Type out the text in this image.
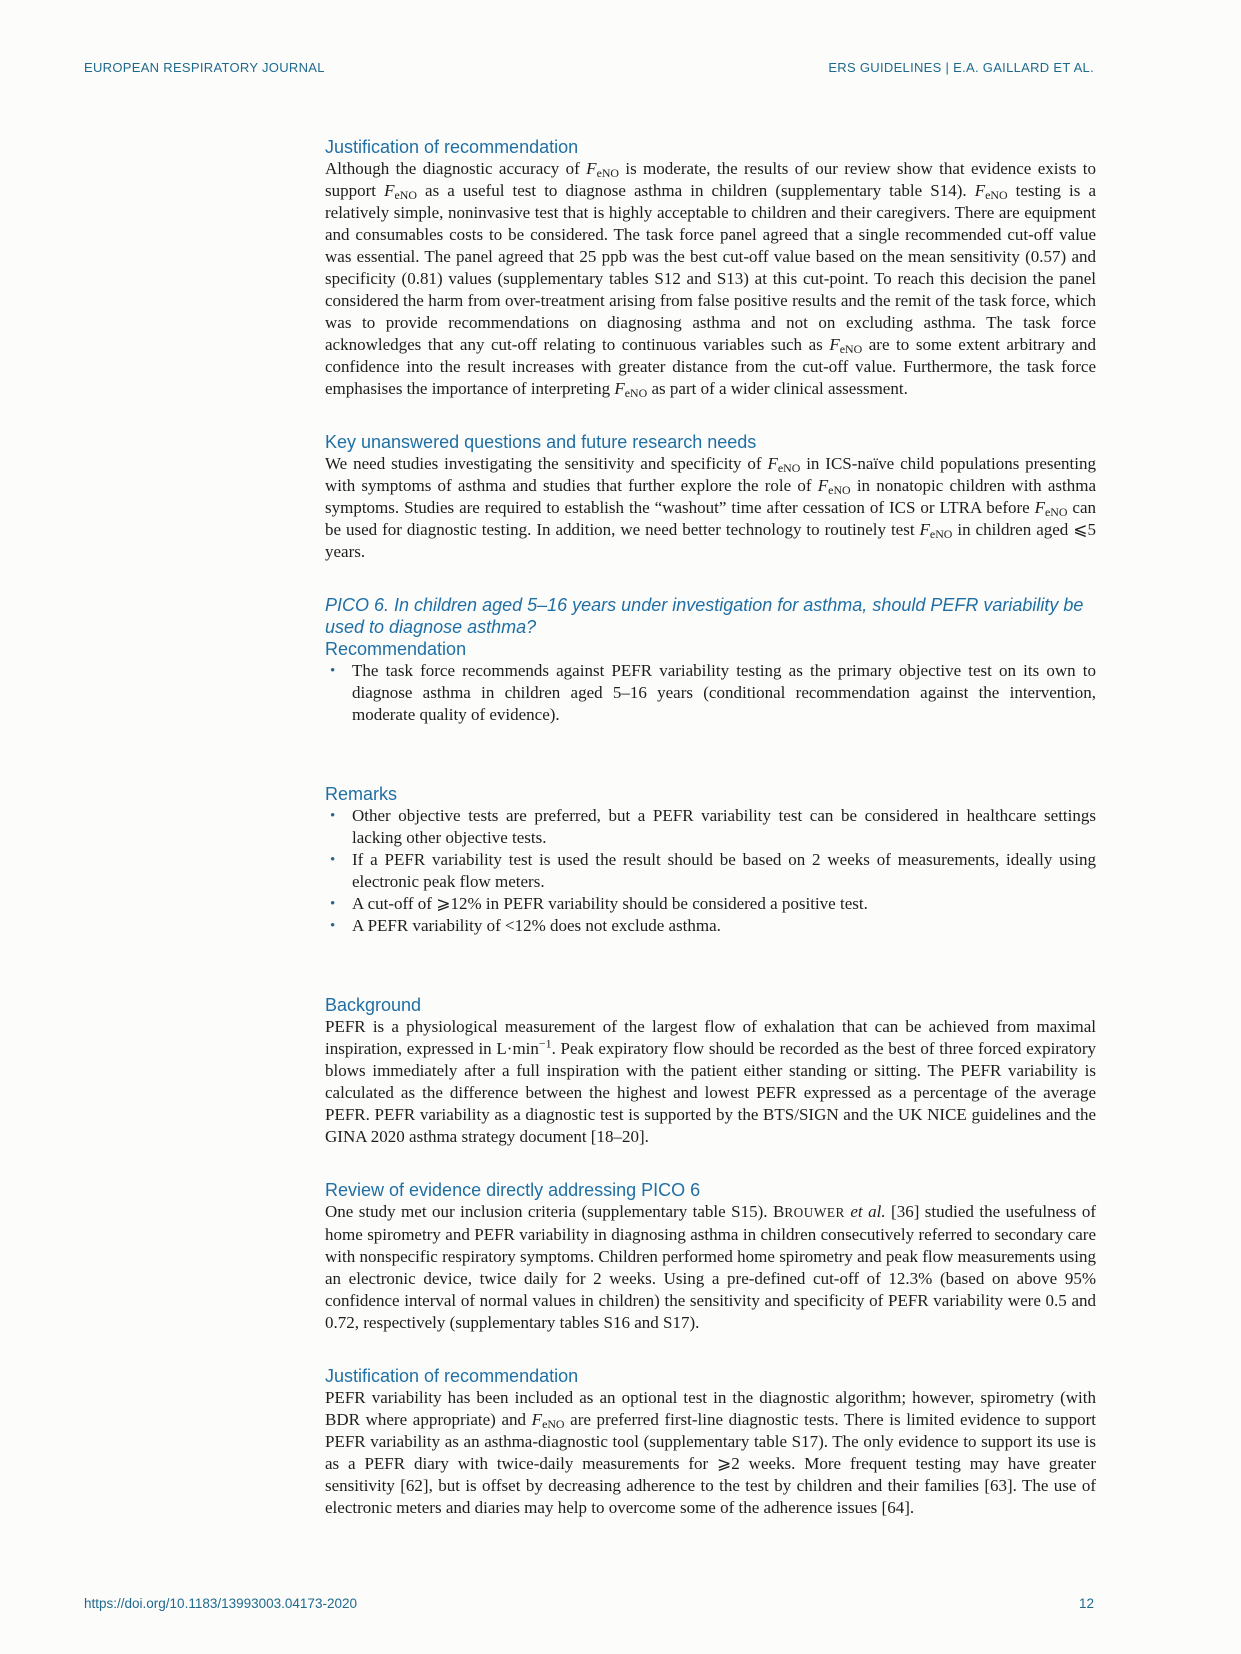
EUROPEAN RESPIRATORY JOURNAL	ERS GUIDELINES | E.A. GAILLARD ET AL.
Justification of recommendation

Although the diagnostic accuracy of $F_{eNO}$ is moderate, the results of our review show that evidence exists to support $F_{eNO}$ as a useful test to diagnose asthma in children (supplementary table S14). $F_{eNO}$ testing is a relatively simple, noninvasive test that is highly acceptable to children and their caregivers. There are equipment and consumables costs to be considered. The task force panel agreed that a single recommended cut-off value was essential. The panel agreed that 25 ppb was the best cut-off value based on the mean sensitivity (0.57) and specificity (0.81) values (supplementary tables S12 and S13) at this cut-point. To reach this decision the panel considered the harm from over-treatment arising from false positive results and the remit of the task force, which was to provide recommendations on diagnosing asthma and not on excluding asthma. The task force acknowledges that any cut-off relating to continuous variables such as $F_{eNO}$ are to some extent arbitrary and confidence into the result increases with greater distance from the cut-off value. Furthermore, the task force emphasises the importance of interpreting $F_{eNO}$ as part of a wider clinical assessment.

Key unanswered questions and future research needs

We need studies investigating the sensitivity and specificity of $F_{eNO}$ in ICS-naïve child populations presenting with symptoms of asthma and studies that further explore the role of $F_{eNO}$ in nonatopic children with asthma symptoms. Studies are required to establish the “washout” time after cessation of ICS or LTRA before $F_{eNO}$ can be used for diagnostic testing. In addition, we need better technology to routinely test $F_{eNO}$ in children aged ⩽5 years.

PICO 6. In children aged 5–16 years under investigation for asthma, should PEFR variability be used to diagnose asthma?
Recommendation
• The task force recommends against PEFR variability testing as the primary objective test on its own to diagnose asthma in children aged 5–16 years (conditional recommendation against the intervention, moderate quality of evidence).
Remarks
• Other objective tests are preferred, but a PEFR variability test can be considered in healthcare settings lacking other objective tests.
• If a PEFR variability test is used the result should be based on 2 weeks of measurements, ideally using electronic peak flow meters.
• A cut-off of ⩾12% in PEFR variability should be considered a positive test.
• A PEFR variability of <12% does not exclude asthma.
Background

PEFR is a physiological measurement of the largest flow of exhalation that can be achieved from maximal inspiration, expressed in $L\cdot\min^{-1}$. Peak expiratory flow should be recorded as the best of three forced expiratory blows immediately after a full inspiration with the patient either standing or sitting. The PEFR variability is calculated as the difference between the highest and lowest PEFR expressed as a percentage of the average PEFR. PEFR variability as a diagnostic test is supported by the BTS/SIGN and the UK NICE guidelines and the GINA 2020 asthma strategy document [18–20].

Review of evidence directly addressing PICO 6

One study met our inclusion criteria (supplementary table S15). BROUWER et al. [36] studied the usefulness of home spirometry and PEFR variability in diagnosing asthma in children consecutively referred to secondary care with nonspecific respiratory symptoms. Children performed home spirometry and peak flow measurements using an electronic device, twice daily for 2 weeks. Using a pre-defined cut-off of 12.3% (based on above 95% confidence interval of normal values in children) the sensitivity and specificity of PEFR variability were 0.5 and 0.72, respectively (supplementary tables S16 and S17).

Justification of recommendation

PEFR variability has been included as an optional test in the diagnostic algorithm; however, spirometry (with BDR where appropriate) and $F_{eNO}$ are preferred first-line diagnostic tests. There is limited evidence to support PEFR variability as an asthma-diagnostic tool (supplementary table S17). The only evidence to support its use is as a PEFR diary with twice-daily measurements for ⩾2 weeks. More frequent testing may have greater sensitivity [62], but is offset by decreasing adherence to the test by children and their families [63]. The use of electronic meters and diaries may help to overcome some of the adherence issues [64].

https://doi.org/10.1183/13993003.04173-2020	12
